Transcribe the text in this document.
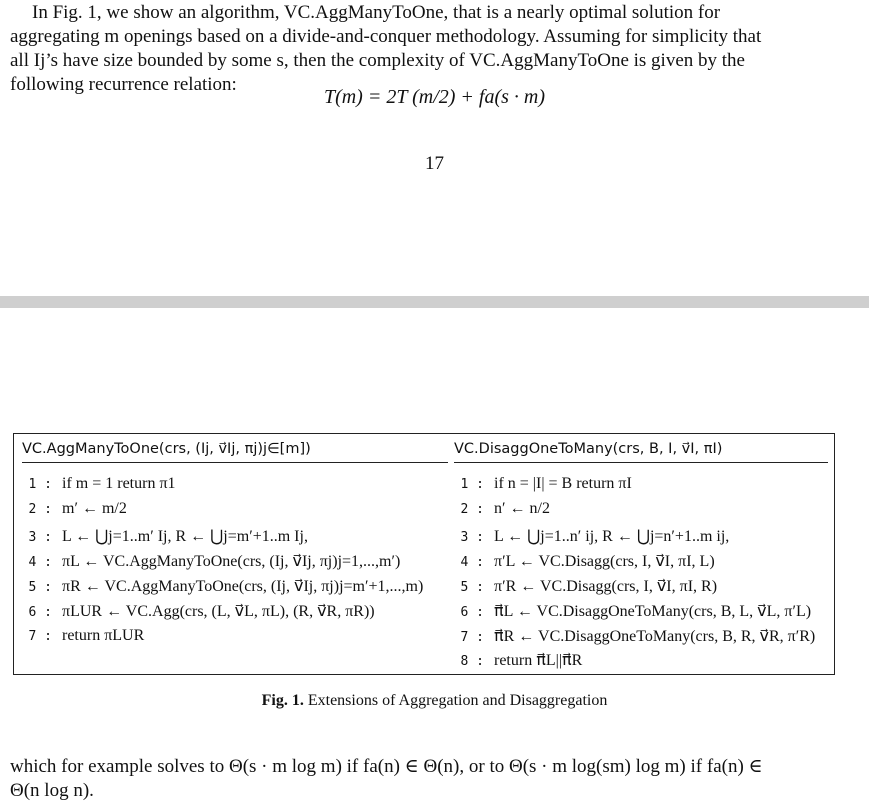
In Fig. 1, we show an algorithm, VC.AggManyToOne, that is a nearly optimal solution for
aggregating m openings based on a divide-and-conquer methodology. Assuming for simplicity that
all Ij’s have size bounded by some s, then the complexity of VC.AggManyToOne is given by the
following recurrence relation:
T(m) = 2T (m/2) + fa(s · m)
17
VC.AggManyToOne(crs, (Ij, v⃗Ij, πj)j∈[m])
1 : if m = 1 return π1
2 : m′ ← m/2
3 : L ← ⋃j=1..m′ Ij, R ← ⋃j=m′+1..m Ij,
4 : πL ← VC.AggManyToOne(crs, (Ij, v⃗Ij, πj)j=1,...,m′)
5 : πR ← VC.AggManyToOne(crs, (Ij, v⃗Ij, πj)j=m′+1,...,m)
6 : πLUR ← VC.Agg(crs, (L, v⃗L, πL), (R, v⃗R, πR))
7 : return πLUR
VC.DisaggOneToMany(crs, B, I, v⃗I, πI)
1 : if n = |I| = B return πI
2 : n′ ← n/2
3 : L ← ⋃j=1..n′ ij, R ← ⋃j=n′+1..m ij,
4 : π′L ← VC.Disagg(crs, I, v⃗I, πI, L)
5 : π′R ← VC.Disagg(crs, I, v⃗I, πI, R)
6 : π⃗L ← VC.DisaggOneToMany(crs, B, L, v⃗L, π′L)
7 : π⃗R ← VC.DisaggOneToMany(crs, B, R, v⃗R, π′R)
8 : return π⃗L||π⃗R
Fig. 1. Extensions of Aggregation and Disaggregation
which for example solves to Θ(s · m log m) if fa(n) ∈ Θ(n), or to Θ(s · m log(sm) log m) if fa(n) ∈
Θ(n log n).
